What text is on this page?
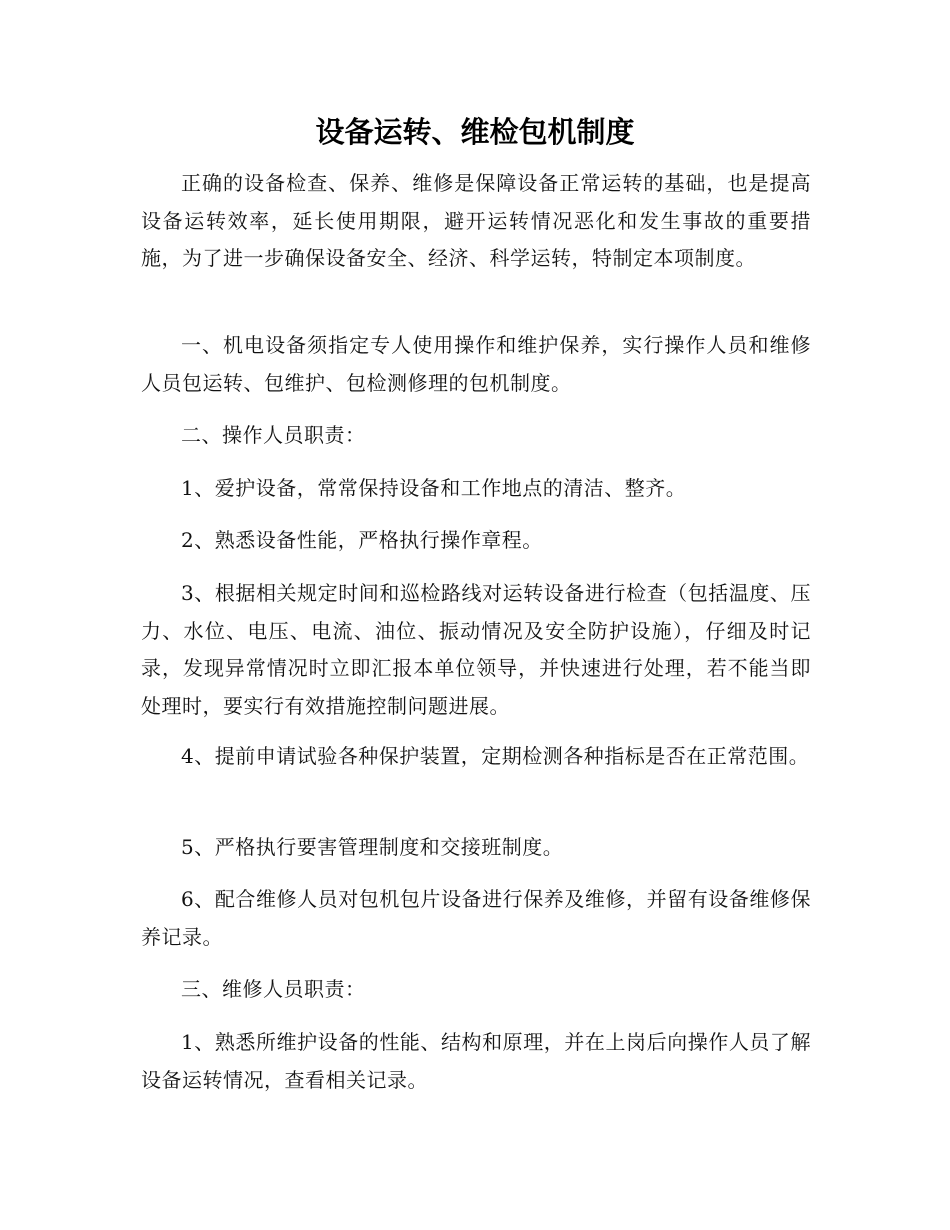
设备运转、维检包机制度

正确的设备检查、保养、维修是保障设备正常运转的基础，也是提高设备运转效率，延长使用期限，避开运转情况恶化和发生事故的重要措施，为了进一步确保设备安全、经济、科学运转，特制定本项制度。

一、机电设备须指定专人使用操作和维护保养，实行操作人员和维修人员包运转、包维护、包检测修理的包机制度。

二、操作人员职责：

1、爱护设备，常常保持设备和工作地点的清洁、整齐。

2、熟悉设备性能，严格执行操作章程。

3、根据相关规定时间和巡检路线对运转设备进行检查（包括温度、压力、水位、电压、电流、油位、振动情况及安全防护设施），仔细及时记录，发现异常情况时立即汇报本单位领导，并快速进行处理，若不能当即处理时，要实行有效措施控制问题进展。

4、提前申请试验各种保护装置，定期检测各种指标是否在正常范围。

5、严格执行要害管理制度和交接班制度。

6、配合维修人员对包机包片设备进行保养及维修，并留有设备维修保养记录。

三、维修人员职责：

1、熟悉所维护设备的性能、结构和原理，并在上岗后向操作人员了解设备运转情况，查看相关记录。
